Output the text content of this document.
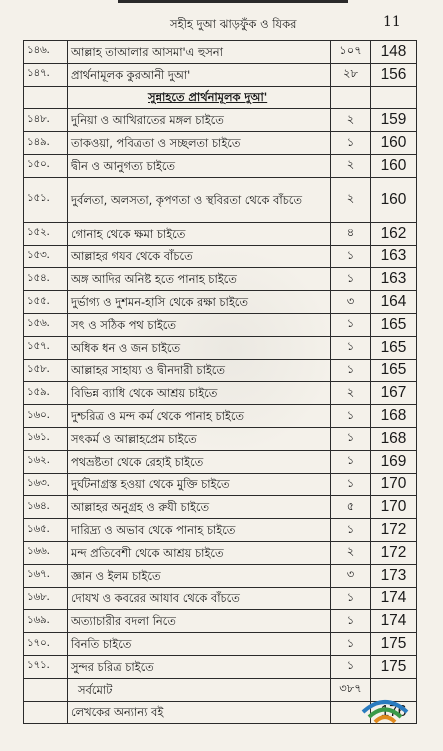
সহীহ দুআ ঝাড়ফুঁক ও যিকর	11
১৪৬.	আল্লাহ তাআলার আসমা'এ হুসনা	১০৭	148
১৪৭.	প্রার্থনামূলক কুরআনী দুআ'	২৮	156
	সুন্নাহতে প্রার্থনামূলক দুআ'		
১৪৮.	দুনিয়া ও আখিরাতের মঙ্গল চাইতে	২	159
১৪৯.	তাকওয়া, পবিত্রতা ও সচ্ছলতা চাইতে	১	160
১৫০.	দ্বীন ও আনুগত্য চাইতে	২	160
১৫১.	দুর্বলতা, অলসতা, কৃপণতা ও স্থবিরতা থেকে বাঁচতে	২	160
১৫২.	গোনাহ থেকে ক্ষমা চাইতে	৪	162
১৫৩.	আল্লাহর গযব থেকে বাঁচতে	১	163
১৫৪.	অঙ্গ আদির অনিষ্ট হতে পানাহ চাইতে	১	163
১৫৫.	দুর্ভাগ্য ও দুশমন-হাসি থেকে রক্ষা চাইতে	৩	164
১৫৬.	সৎ ও সঠিক পথ চাইতে	১	165
১৫৭.	অধিক ধন ও জন চাইতে	১	165
১৫৮.	আল্লাহর সাহায্য ও দ্বীনদারী চাইতে	১	165
১৫৯.	বিভিন্ন ব্যাধি থেকে আশ্রয় চাইতে	২	167
১৬০.	দুশ্চরিত্র ও মন্দ কর্ম থেকে পানাহ চাইতে	১	168
১৬১.	সৎকর্ম ও আল্লাহপ্রেম চাইতে	১	168
১৬২.	পথভ্রষ্টতা থেকে রেহাই চাইতে	১	169
১৬৩.	দুর্ঘটনাগ্রস্ত হওয়া থেকে মুক্তি চাইতে	১	170
১৬৪.	আল্লাহর অনুগ্রহ ও রুযী চাইতে	৫	170
১৬৫.	দারিদ্র্য ও অভাব থেকে পানাহ চাইতে	১	172
১৬৬.	মন্দ প্রতিবেশী থেকে আশ্রয় চাইতে	২	172
১৬৭.	জ্ঞান ও ইলম চাইতে	৩	173
১৬৮.	দোযখ ও কবরের আযাব থেকে বাঁচতে	১	174
১৬৯.	অত্যাচারীর বদলা নিতে	১	174
১৭০.	বিনতি চাইতে	১	175
১৭১.	সুন্দর চরিত্র চাইতে	১	175
	সর্বমোট	৩৮৭	
	লেখকের অন্যান্য বই		176
